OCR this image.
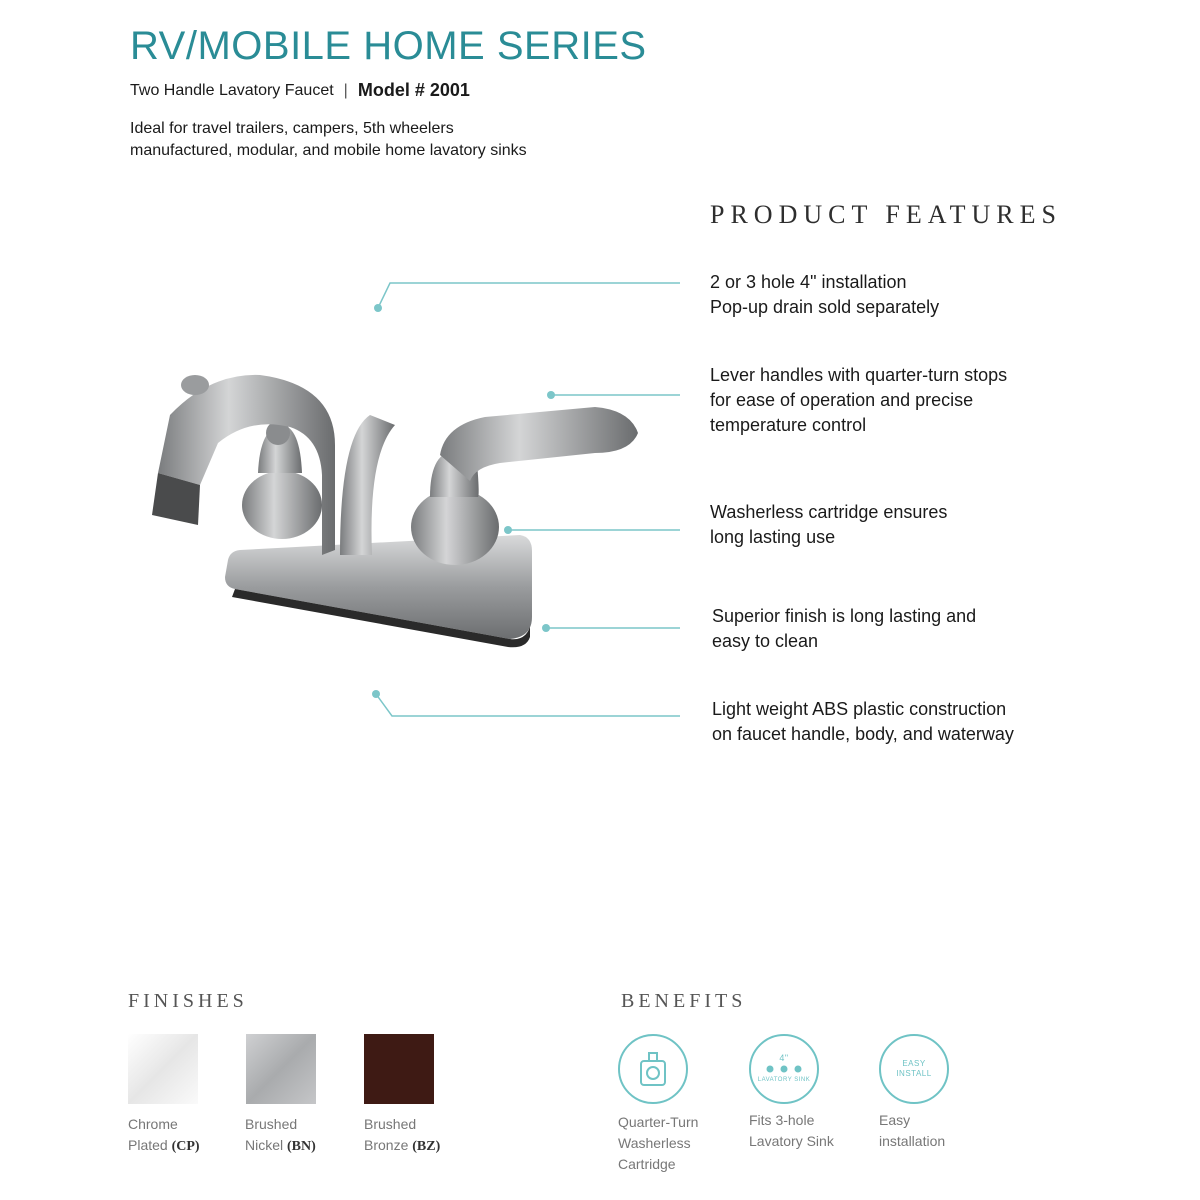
RV/MOBILE HOME SERIES
Two Handle Lavatory Faucet | Model # 2001
Ideal for travel trailers, campers, 5th wheelers
manufactured, modular, and mobile home lavatory sinks
PRODUCT FEATURES
2 or 3 hole 4" installation
Pop-up drain sold separately
Lever handles with quarter-turn stops
for ease of operation and precise
temperature control
Washerless cartridge ensures
long lasting use
Superior finish is long lasting and
easy to clean
Light weight ABS plastic construction
on faucet handle, body, and waterway
FINISHES
Chrome
Plated (CP)
Brushed
Nickel (BN)
Brushed
Bronze (BZ)
BENEFITS
4"
LAVATORY SINK
EASY
INSTALL
Quarter-Turn
Washerless
Cartridge
Fits 3-hole
Lavatory Sink
Easy
installation
